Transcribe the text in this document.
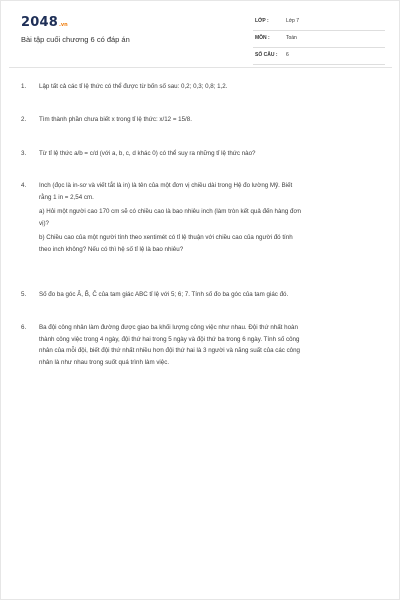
2048 .vn
Bài tập cuối chương 6 có đáp án
LỚP :	Lớp 7
MÔN :	Toán
SỐ CÂU : 6
1.	Lập tất cả các tỉ lệ thức có thể được từ bốn số sau: 0,2; 0,3; 0,8; 1,2.
2.	Tìm thành phần chưa biết x trong tỉ lệ thức: x/12 = 15/8.
3.	Từ tỉ lệ thức a/b = c/d (với a, b, c, d khác 0) có thể suy ra những tỉ lệ thức nào?
4.	Inch (đọc là in-sơ và viết tắt là in) là tên của một đơn vị chiều dài trong Hệ đo lường Mỹ. Biết
rằng 1 in = 2,54 cm.
a) Hỏi một người cao 170 cm sẽ có chiều cao là bao nhiêu inch (làm tròn kết quả đến hàng đơn
vị)?
b) Chiều cao của một người tính theo xentimét có tỉ lệ thuận với chiều cao của người đó tính
theo inch không? Nếu có thì hệ số tỉ lệ là bao nhiêu?
5.	Số đo ba góc Â, B̂, Ĉ của tam giác ABC tỉ lệ với 5; 6; 7. Tính số đo ba góc của tam giác đó.
6.	Ba đội công nhân làm đường được giao ba khối lượng công việc như nhau. Đội thứ nhất hoàn
thành công việc trong 4 ngày, đội thứ hai trong 5 ngày và đội thứ ba trong 6 ngày. Tính số công
nhân của mỗi đội, biết đội thứ nhất nhiều hơn đội thứ hai là 3 người và năng suất của các công
nhân là như nhau trong suốt quá trình làm việc.
